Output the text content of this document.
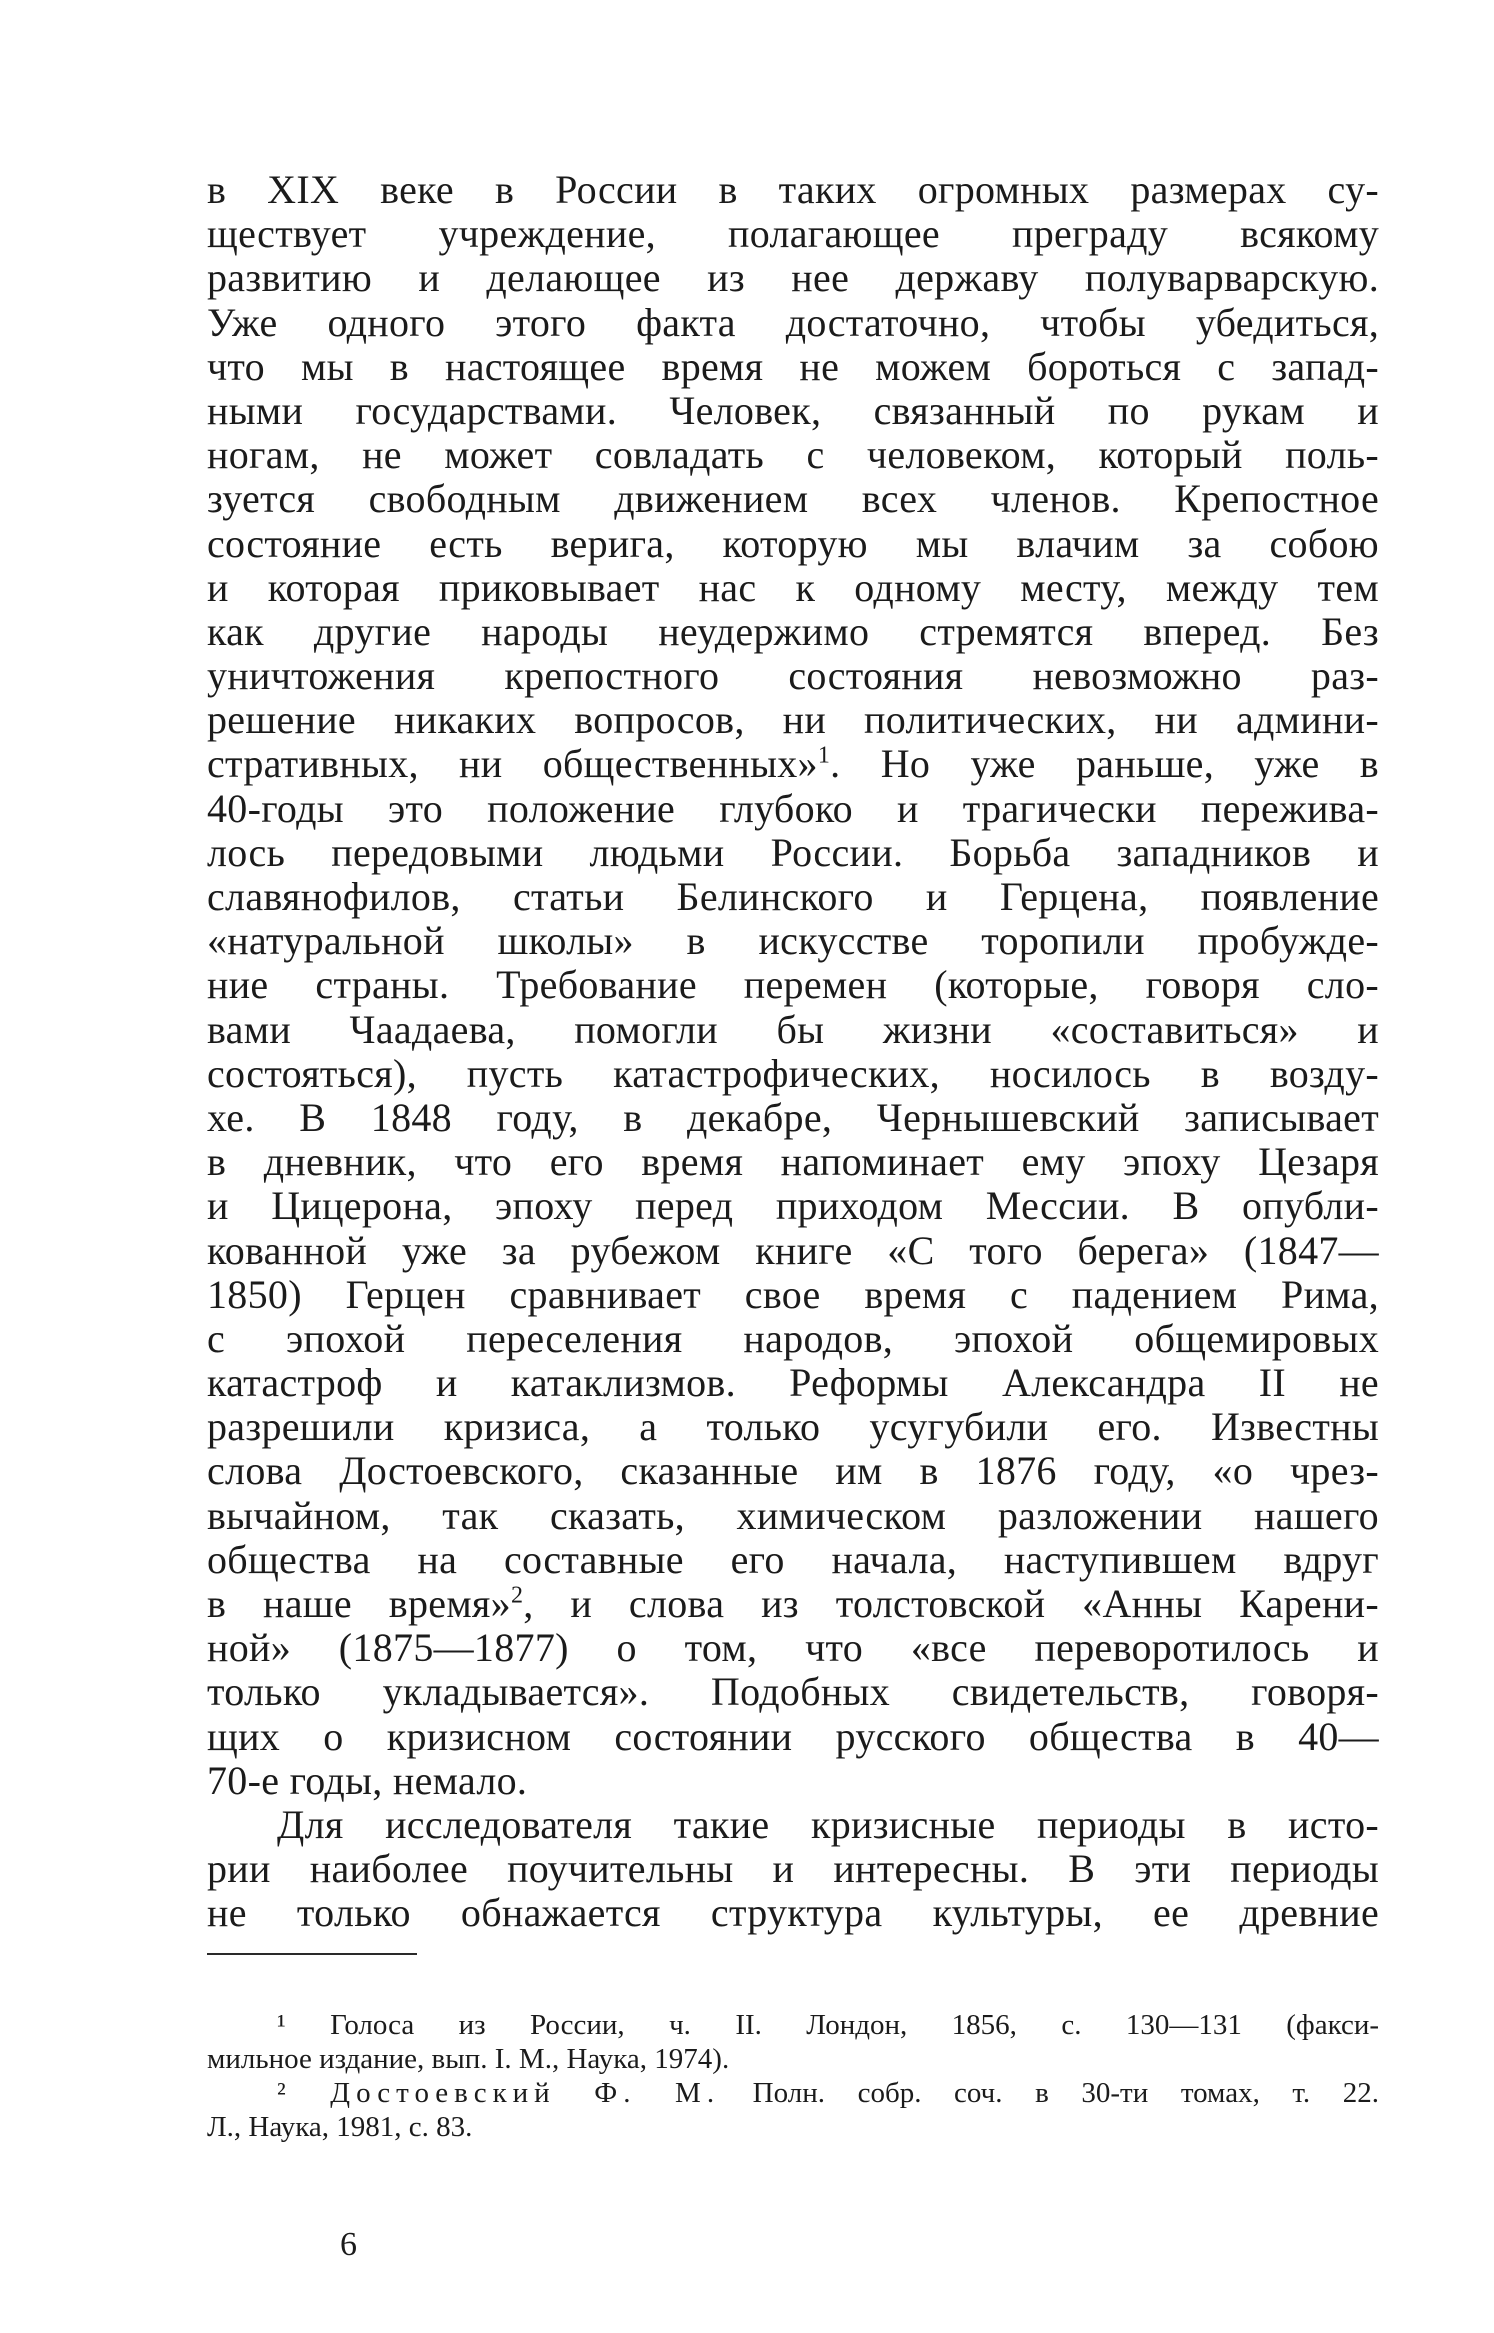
в XIX веке в России в таких огромных размерах су-
ществует учреждение, полагающее преграду всякому
развитию и делающее из нее державу полуварварскую.
Уже одного этого факта достаточно, чтобы убедиться,
что мы в настоящее время не можем бороться с запад-
ными государствами. Человек, связанный по рукам и
ногам, не может совладать с человеком, который поль-
зуется свободным движением всех членов. Крепостное
состояние есть верига, которую мы влачим за собою
и которая приковывает нас к одному месту, между тем
как другие народы неудержимо стремятся вперед. Без
уничтожения крепостного состояния невозможно раз-
решение никаких вопросов, ни политических, ни админи-
стративных, ни общественных»$^1$. Но уже раньше, уже в
40-годы это положение глубоко и трагически пережива-
лось передовыми людьми России. Борьба западников и
славянофилов, статьи Белинского и Герцена, появление
«натуральной школы» в искусстве торопили пробужде-
ние страны. Требование перемен (которые, говоря сло-
вами Чаадаева, помогли бы жизни «составиться» и
состояться), пусть катастрофических, носилось в возду-
хе. В 1848 году, в декабре, Чернышевский записывает
в дневник, что его время напоминает ему эпоху Цезаря
и Цицерона, эпоху перед приходом Мессии. В опубли-
кованной уже за рубежом книге «С того берега» (1847—
1850) Герцен сравнивает свое время с падением Рима,
с эпохой переселения народов, эпохой общемировых
катастроф и катаклизмов. Реформы Александра II не
разрешили кризиса, а только усугубили его. Известны
слова Достоевского, сказанные им в 1876 году, «о чрез-
вычайном, так сказать, химическом разложении нашего
общества на составные его начала, наступившем вдруг
в наше время»$^2$, и слова из толстовской «Анны Карени-
ной» (1875—1877) о том, что «все переворотилось и
только укладывается». Подобных свидетельств, говоря-
щих о кризисном состоянии русского общества в 40—
70-е годы, немало.
Для исследователя такие кризисные периоды в исто-
рии наиболее поучительны и интересны. В эти периоды
не только обнажается структура культуры, ее древние
¹ Голоса из России, ч. II. Лондон, 1856, с. 130—131 (факси-
мильное издание, вып. I. М., Наука, 1974).
² Достоевский Ф. М. Полн. собр. соч. в 30-ти томах, т. 22.
Л., Наука, 1981, с. 83.
6
